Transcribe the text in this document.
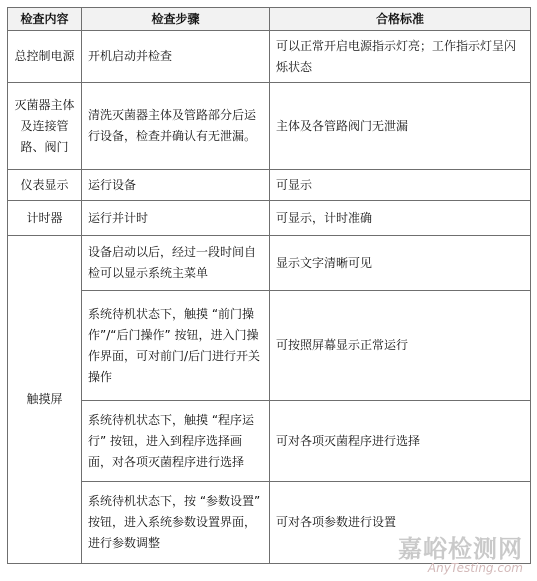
检查内容	检查步骤	合格标准
总控制电源	开机启动并检查	可以正常开启电源指示灯亮；工作指示灯呈闪烁状态
灭菌器主体及连接管路、阀门	清洗灭菌器主体及管路部分后运行设备，检查并确认有无泄漏。	主体及各管路阀门无泄漏
仪表显示	运行设备	可显示
计时器	运行并计时	可显示，计时准确
触摸屏	设备启动以后，经过一段时间自检可以显示系统主菜单	显示文字清晰可见
	系统待机状态下，触摸 “前门操作”/“后门操作” 按钮，进入门操作界面，可对前门/后门进行开关操作	可按照屏幕显示正常运行
	系统待机状态下，触摸 “程序运行” 按钮，进入到程序选择画面，对各项灭菌程序进行选择	可对各项灭菌程序进行选择
	系统待机状态下，按 “参数设置” 按钮，进入系统参数设置界面，进行参数调整	可对各项参数进行设置
嘉峪检测网
AnyTesting.com
